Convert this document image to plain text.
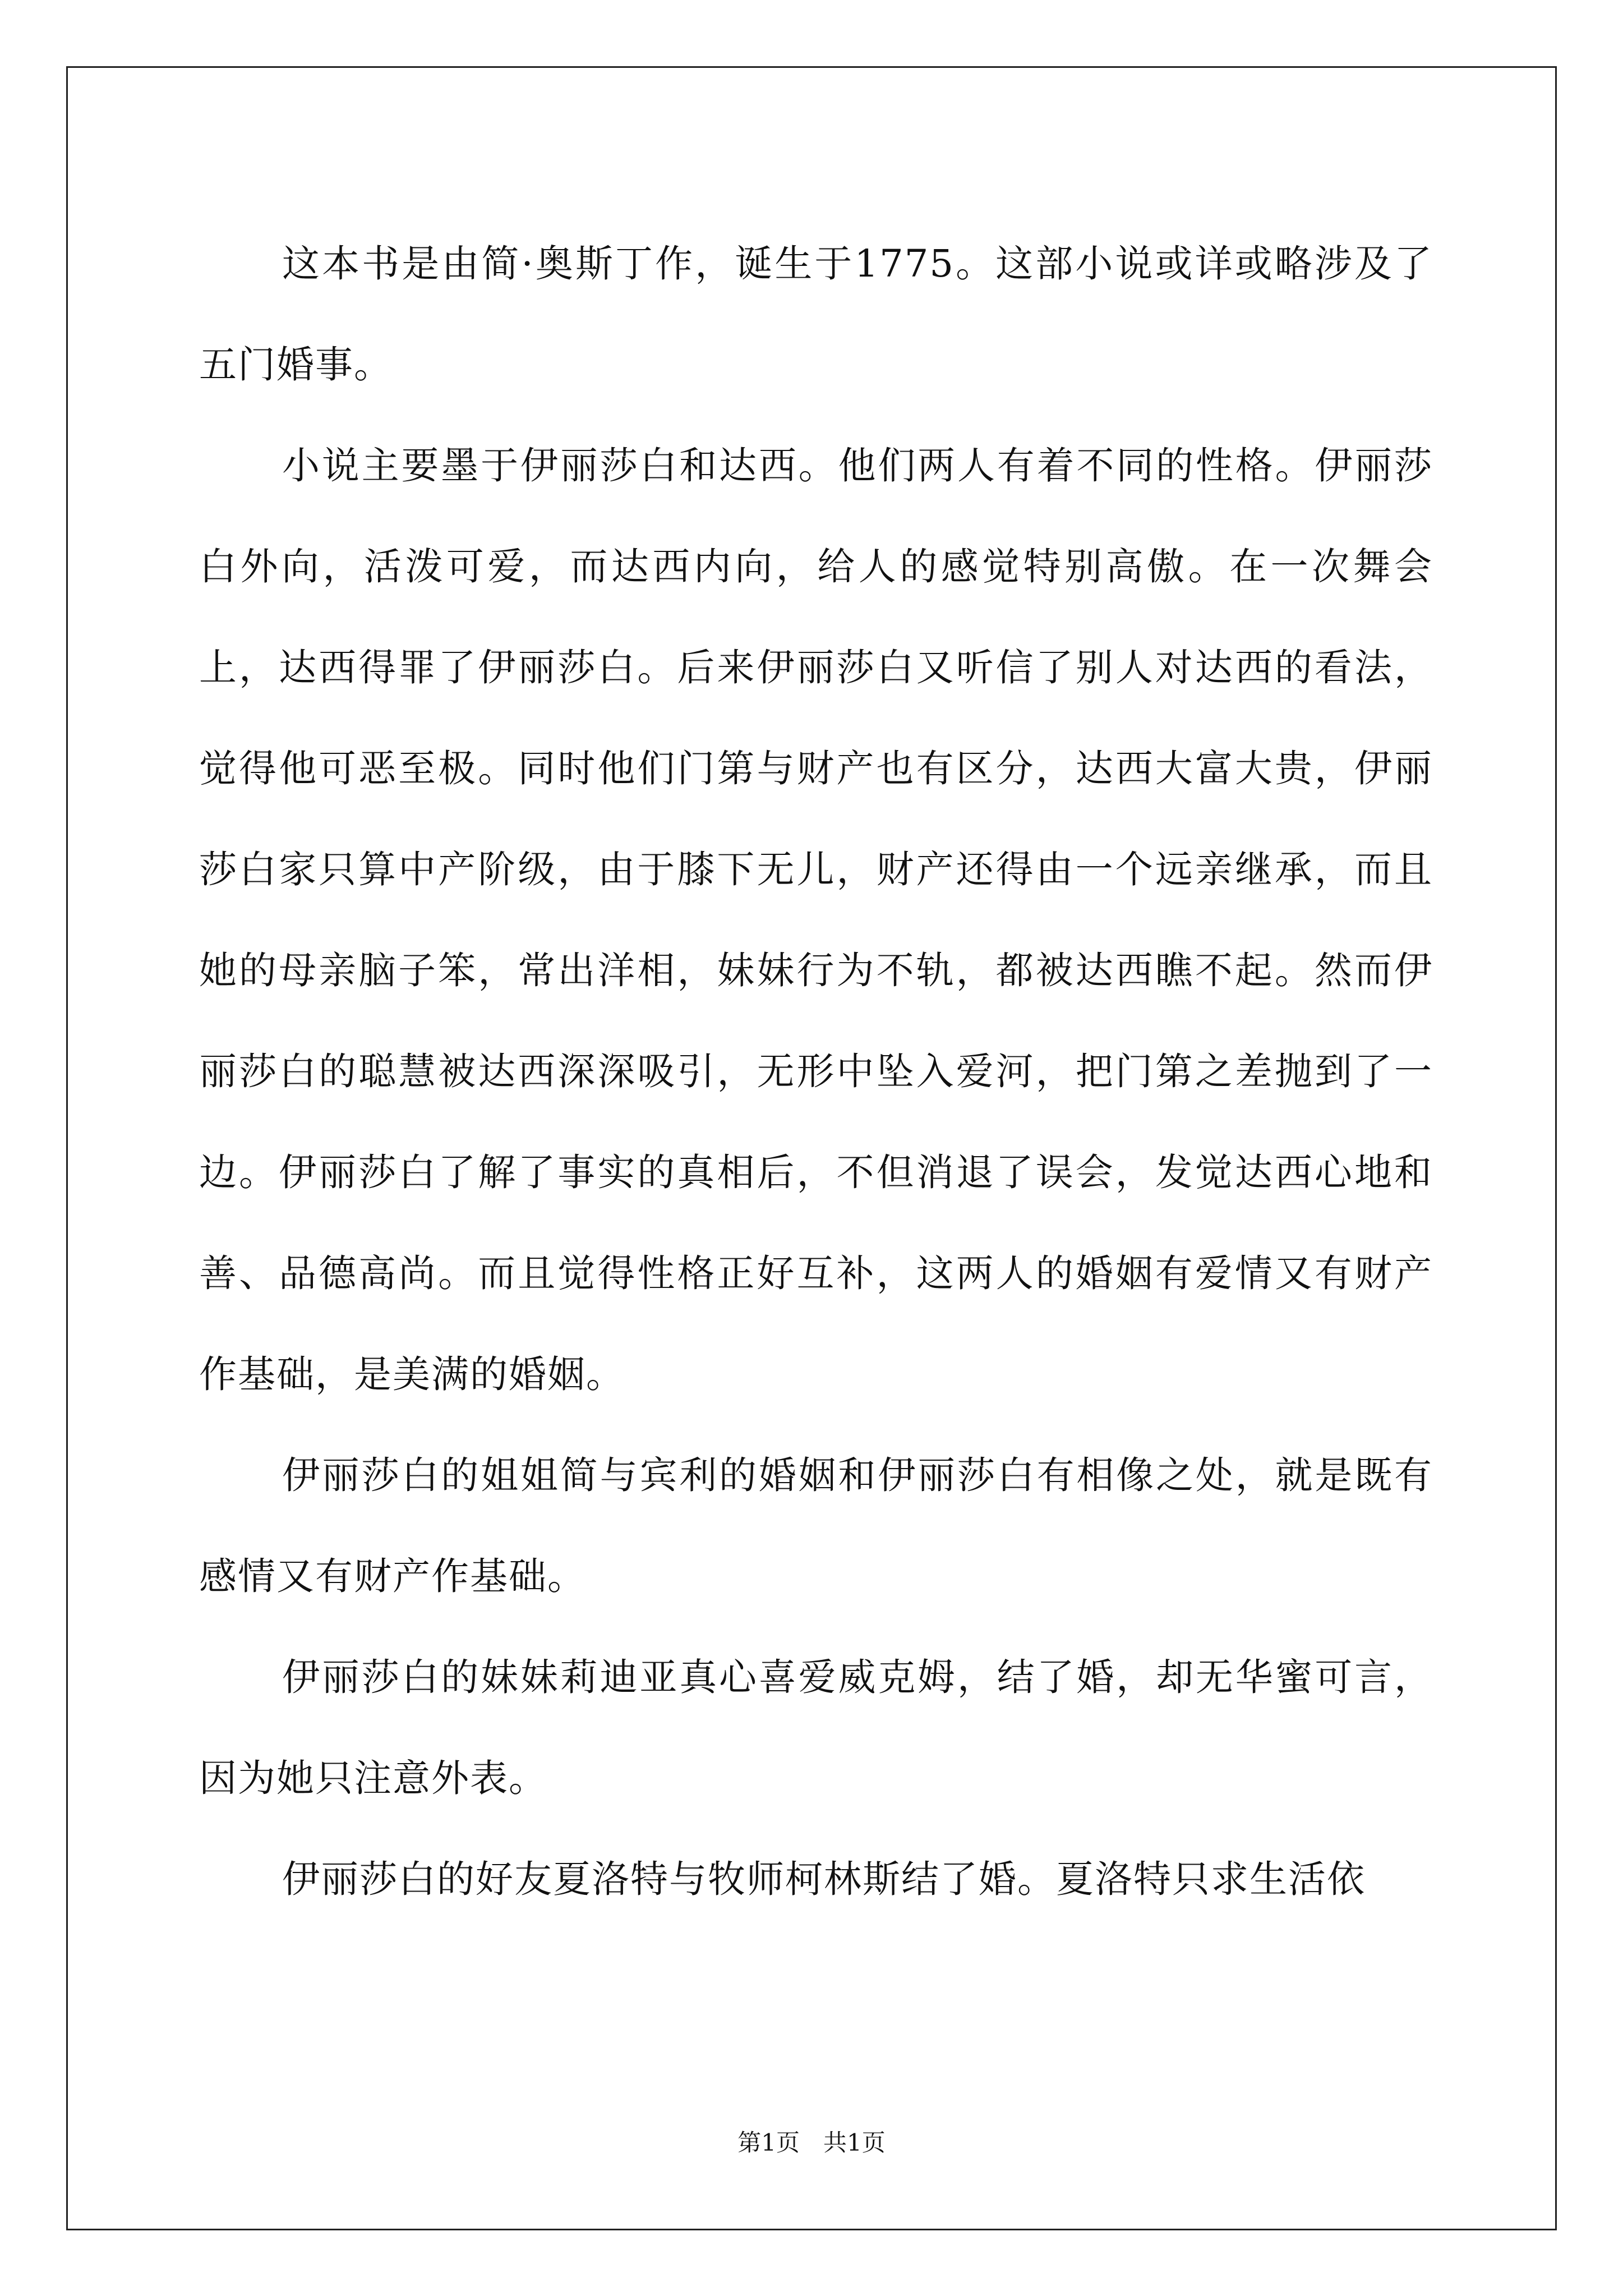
这本书是由简·奥斯丁作，诞生于1775。这部小说或详或略涉及了五门婚事。

小说主要墨于伊丽莎白和达西。他们两人有着不同的性格。伊丽莎白外向，活泼可爱，而达西内向，给人的感觉特别高傲。在一次舞会上，达西得罪了伊丽莎白。后来伊丽莎白又听信了别人对达西的看法，觉得他可恶至极。同时他们门第与财产也有区分，达西大富大贵，伊丽莎白家只算中产阶级，由于膝下无儿，财产还得由一个远亲继承，而且她的母亲脑子笨，常出洋相，妹妹行为不轨，都被达西瞧不起。然而伊丽莎白的聪慧被达西深深吸引，无形中坠入爱河，把门第之差抛到了一边。伊丽莎白了解了事实的真相后，不但消退了误会，发觉达西心地和善、品德高尚。而且觉得性格正好互补，这两人的婚姻有爱情又有财产作基础，是美满的婚姻。

伊丽莎白的姐姐简与宾利的婚姻和伊丽莎白有相像之处，就是既有感情又有财产作基础。

伊丽莎白的妹妹莉迪亚真心喜爱威克姆，结了婚，却无华蜜可言，因为她只注意外表。

伊丽莎白的好友夏洛特与牧师柯林斯结了婚。夏洛特只求生活依

第1页　共1页
